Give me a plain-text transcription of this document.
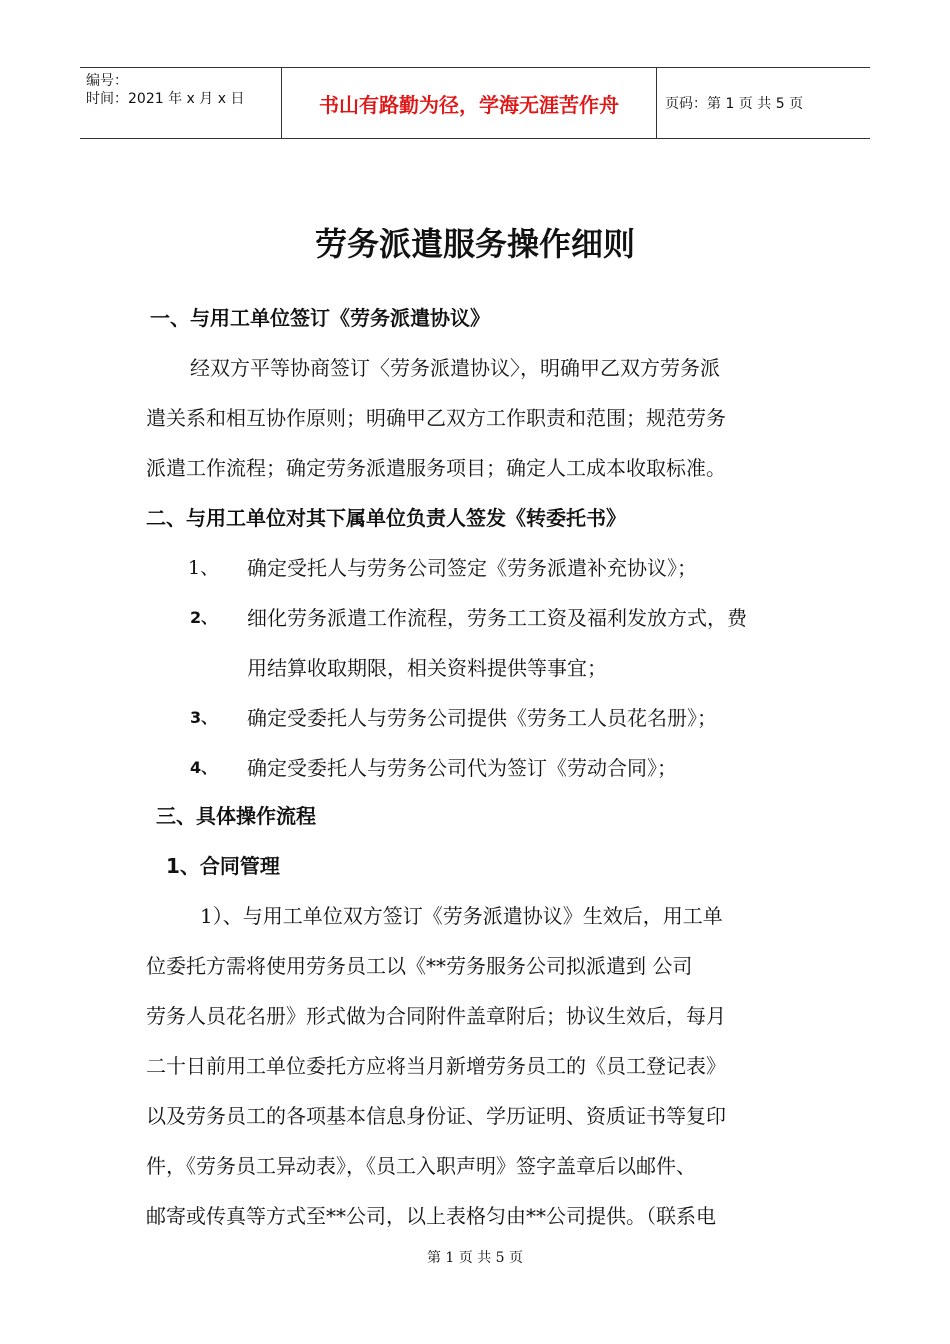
编号：
时间：2021 年 x 月 x 日	书山有路勤为径，学海无涯苦作舟	页码：第 1 页 共 5 页
劳务派遣服务操作细则
一、与用工单位签订《劳务派遣协议》
经双方平等协商签订〈劳务派遣协议〉，明确甲乙双方劳务派
遣关系和相互协作原则；明确甲乙双方工作职责和范围；规范劳务
派遣工作流程；确定劳务派遣服务项目；确定人工成本收取标准。
二、与用工单位对其下属单位负责人签发《转委托书》
1、 确定受托人与劳务公司签定《劳务派遣补充协议》；
2、 细化劳务派遣工作流程，劳务工工资及福利发放方式，费
用结算收取期限，相关资料提供等事宜；
3、 确定受委托人与劳务公司提供《劳务工人员花名册》；
4、 确定受委托人与劳务公司代为签订《劳动合同》；
三、具体操作流程
1、合同管理
1）、与用工单位双方签订《劳务派遣协议》生效后，用工单
位委托方需将使用劳务员工以《**劳务服务公司拟派遣到 公司
劳务人员花名册》形式做为合同附件盖章附后；协议生效后，每月
二十日前用工单位委托方应将当月新增劳务员工的《员工登记表》
以及劳务员工的各项基本信息身份证、学历证明、资质证书等复印
件，《劳务员工异动表》，《员工入职声明》签字盖章后以邮件、
邮寄或传真等方式至**公司，以上表格匀由**公司提供。（联系电
第 1 页 共 5 页
